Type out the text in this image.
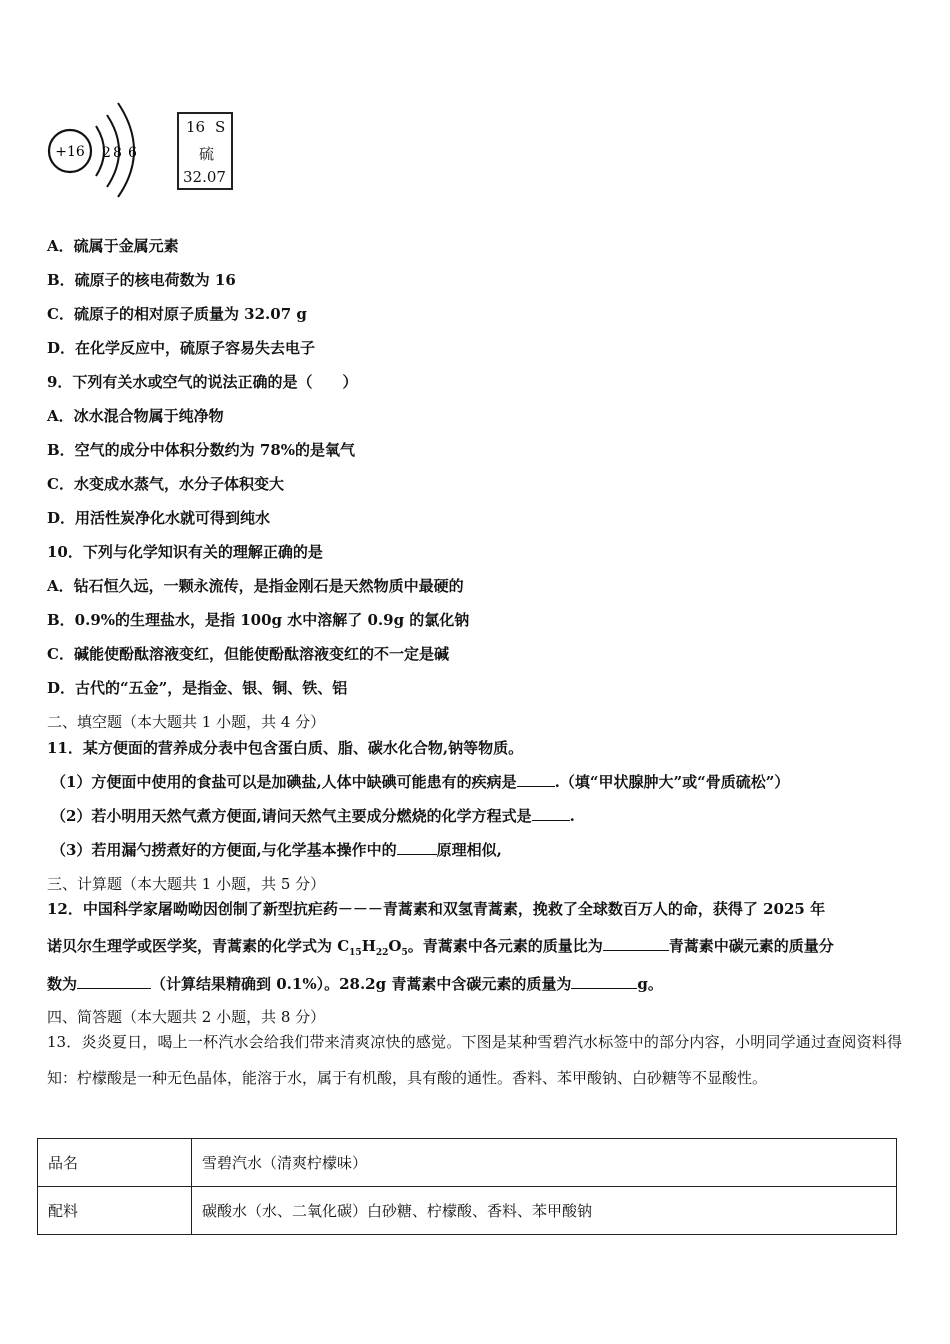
+16 2 8 6
16 S
硫
32.07
A．硫属于金属元素
B．硫原子的核电荷数为 16
C．硫原子的相对原子质量为 32.07 g
D．在化学反应中，硫原子容易失去电子
9．下列有关水或空气的说法正确的是（　　）
A．冰水混合物属于纯净物
B．空气的成分中体积分数约为 78%的是氧气
C．水变成水蒸气，水分子体积变大
D．用活性炭净化水就可得到纯水
10．下列与化学知识有关的理解正确的是
A．钻石恒久远，一颗永流传，是指金刚石是天然物质中最硬的
B．0.9%的生理盐水，是指 100g 水中溶解了 0.9g 的氯化钠
C．碱能使酚酞溶液变红，但能使酚酞溶液变红的不一定是碱
D．古代的“五金”，是指金、银、铜、铁、铝
二、填空题（本大题共 1 小题，共 4 分）
11．某方便面的营养成分表中包含蛋白质、脂、碳水化合物,钠等物质。
（1）方便面中使用的食盐可以是加碘盐,人体中缺碘可能患有的疾病是	.（填“甲状腺肿大”或“骨质硫松”）
（2）若小明用天然气煮方便面,请问天然气主要成分燃烧的化学方程式是	.
（3）若用漏勺捞煮好的方便面,与化学基本操作中的	原理相似,
三、计算题（本大题共 1 小题，共 5 分）
12．中国科学家屠呦呦因创制了新型抗疟药－－－青蒿素和双氢青蒿素，挽救了全球数百万人的命，获得了 2025 年
诺贝尔生理学或医学奖，青蒿素的化学式为 $C_{15}H_{22}O_5$。青蒿素中各元素的质量比为	青蒿素中碳元素的质量分
数为	（计算结果精确到 0.1%）。28.2g 青蒿素中含碳元素的质量为	g。
四、简答题（本大题共 2 小题，共 8 分）
13．炎炎夏日，喝上一杯汽水会给我们带来清爽凉快的感觉。下图是某种雪碧汽水标签中的部分内容，小明同学通过查阅资料得知：柠檬酸是一种无色晶体，能溶于水，属于有机酸，具有酸的通性。香料、苯甲酸钠、白砂糖等不显酸性。
品名	雪碧汽水（清爽柠檬味）
配料	碳酸水（水、二氧化碳）白砂糖、柠檬酸、香料、苯甲酸钠
